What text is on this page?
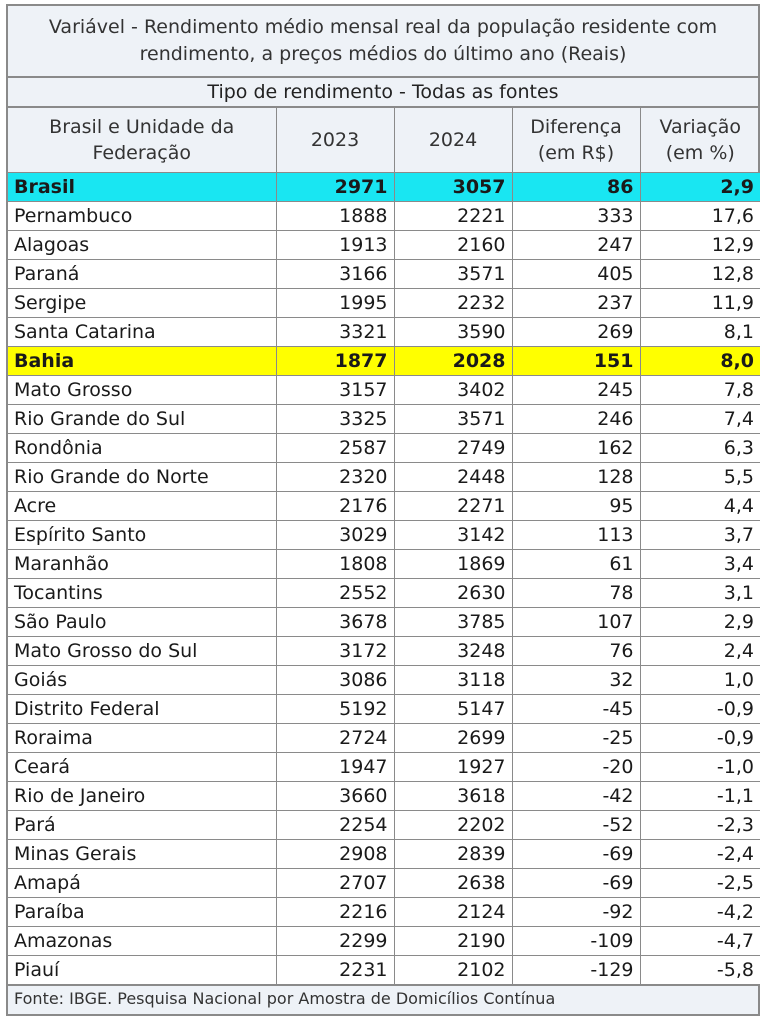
Variável - Rendimento médio mensal real da população residente com rendimento, a preços médios do último ano (Reais)
Tipo de rendimento - Todas as fontes
Brasil e Unidade da Federação	2023	2024	Diferença (em R$)	Variação (em %)
Brasil	2971	3057	86	2,9
Pernambuco	1888	2221	333	17,6
Alagoas	1913	2160	247	12,9
Paraná	3166	3571	405	12,8
Sergipe	1995	2232	237	11,9
Santa Catarina	3321	3590	269	8,1
Bahia	1877	2028	151	8,0
Mato Grosso	3157	3402	245	7,8
Rio Grande do Sul	3325	3571	246	7,4
Rondônia	2587	2749	162	6,3
Rio Grande do Norte	2320	2448	128	5,5
Acre	2176	2271	95	4,4
Espírito Santo	3029	3142	113	3,7
Maranhão	1808	1869	61	3,4
Tocantins	2552	2630	78	3,1
São Paulo	3678	3785	107	2,9
Mato Grosso do Sul	3172	3248	76	2,4
Goiás	3086	3118	32	1,0
Distrito Federal	5192	5147	-45	-0,9
Roraima	2724	2699	-25	-0,9
Ceará	1947	1927	-20	-1,0
Rio de Janeiro	3660	3618	-42	-1,1
Pará	2254	2202	-52	-2,3
Minas Gerais	2908	2839	-69	-2,4
Amapá	2707	2638	-69	-2,5
Paraíba	2216	2124	-92	-4,2
Amazonas	2299	2190	-109	-4,7
Piauí	2231	2102	-129	-5,8
Fonte: IBGE. Pesquisa Nacional por Amostra de Domicílios Contínua
